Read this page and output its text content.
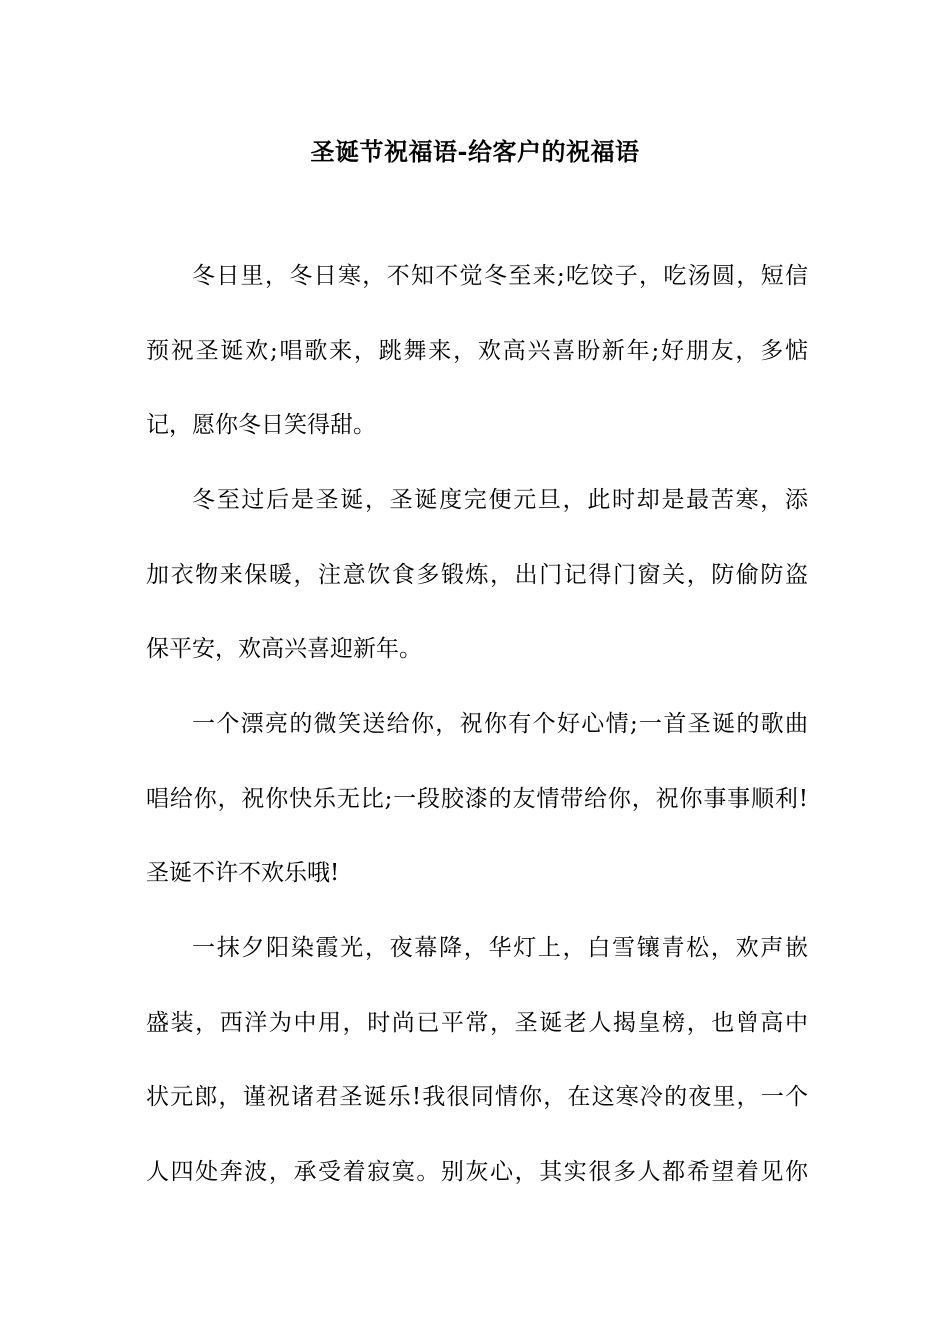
圣诞节祝福语-给客户的祝福语
冬日里，冬日寒，不知不觉冬至来;吃饺子，吃汤圆，短信
预祝圣诞欢;唱歌来，跳舞来，欢高兴喜盼新年;好朋友，多惦
记，愿你冬日笑得甜。
冬至过后是圣诞，圣诞度完便元旦，此时却是最苦寒，添
加衣物来保暖，注意饮食多锻炼，出门记得门窗关，防偷防盗
保平安，欢高兴喜迎新年。
一个漂亮的微笑送给你，祝你有个好心情;一首圣诞的歌曲
唱给你，祝你快乐无比;一段胶漆的友情带给你，祝你事事顺利!
圣诞不许不欢乐哦!
一抹夕阳染霞光，夜幕降，华灯上，白雪镶青松，欢声嵌
盛装，西洋为中用，时尚已平常，圣诞老人揭皇榜，也曾高中
状元郎，谨祝诸君圣诞乐!我很同情你，在这寒冷的夜里，一个
人四处奔波，承受着寂寞。别灰心，其实很多人都希望着见你
